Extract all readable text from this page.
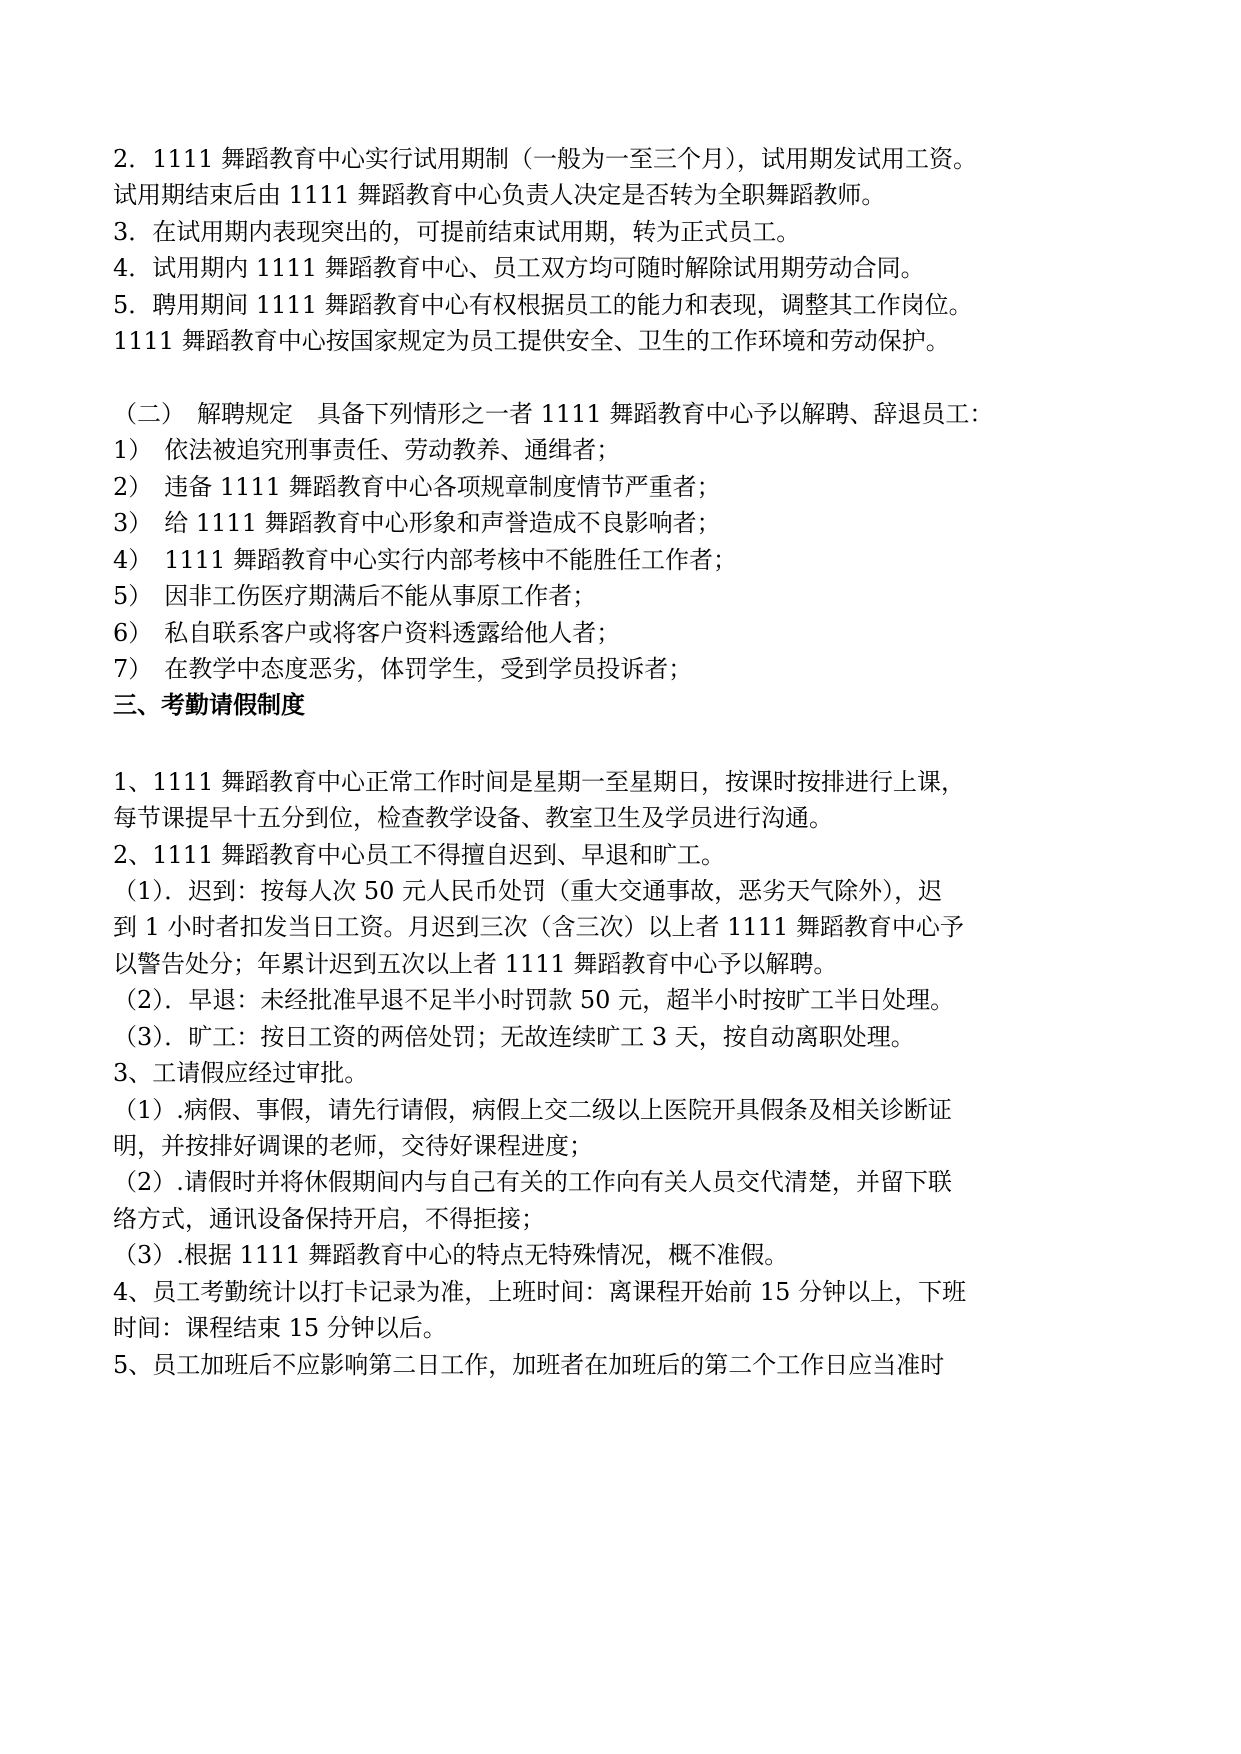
2．1111 舞蹈教育中心实行试用期制（一般为一至三个月），试用期发试用工资。
试用期结束后由 1111 舞蹈教育中心负责人决定是否转为全职舞蹈教师。
3．在试用期内表现突出的，可提前结束试用期，转为正式员工。
4．试用期内 1111 舞蹈教育中心、员工双方均可随时解除试用期劳动合同。
5．聘用期间 1111 舞蹈教育中心有权根据员工的能力和表现，调整其工作岗位。
1111 舞蹈教育中心按国家规定为员工提供安全、卫生的工作环境和劳动保护。
（二）　解聘规定　具备下列情形之一者 1111 舞蹈教育中心予以解聘、辞退员工：
1）　依法被追究刑事责任、劳动教养、通缉者；
2）　违备 1111 舞蹈教育中心各项规章制度情节严重者；
3）　给 1111 舞蹈教育中心形象和声誉造成不良影响者；
4）　1111 舞蹈教育中心实行内部考核中不能胜任工作者；
5）　因非工伤医疗期满后不能从事原工作者；
6）　私自联系客户或将客户资料透露给他人者；
7）　在教学中态度恶劣，体罚学生，受到学员投诉者；
三、考勤请假制度
1、1111 舞蹈教育中心正常工作时间是星期一至星期日，按课时按排进行上课，
每节课提早十五分到位，检查教学设备、教室卫生及学员进行沟通。
2、1111 舞蹈教育中心员工不得擅自迟到、早退和旷工。
（1）．迟到：按每人次 50 元人民币处罚（重大交通事故，恶劣天气除外），迟
到 1 小时者扣发当日工资。月迟到三次（含三次）以上者 1111 舞蹈教育中心予
以警告处分；年累计迟到五次以上者 1111 舞蹈教育中心予以解聘。
（2）．早退：未经批准早退不足半小时罚款 50 元，超半小时按旷工半日处理。
（3）．旷工：按日工资的两倍处罚；无故连续旷工 3 天，按自动离职处理。
3、工请假应经过审批。
（1）.病假、事假，请先行请假，病假上交二级以上医院开具假条及相关诊断证
明，并按排好调课的老师，交待好课程进度；
（2）.请假时并将休假期间内与自己有关的工作向有关人员交代清楚，并留下联
络方式，通讯设备保持开启，不得拒接；
（3）.根据 1111 舞蹈教育中心的特点无特殊情况，概不准假。
4、员工考勤统计以打卡记录为准，上班时间：离课程开始前 15 分钟以上，下班
时间：课程结束 15 分钟以后。
5、员工加班后不应影响第二日工作，加班者在加班后的第二个工作日应当准时
